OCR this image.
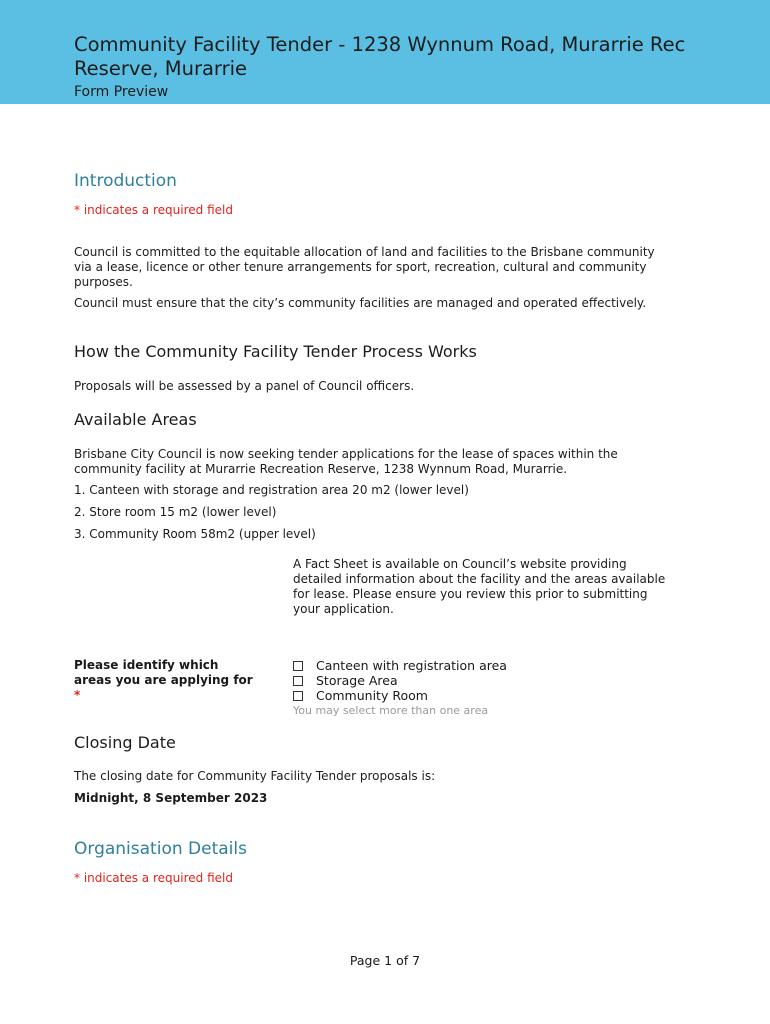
Community Facility Tender - 1238 Wynnum Road, Murarrie Rec Reserve, Murarrie
Form Preview
Introduction
* indicates a required field
Council is committed to the equitable allocation of land and facilities to the Brisbane community via a lease, licence or other tenure arrangements for sport, recreation, cultural and community purposes.
Council must ensure that the city’s community facilities are managed and operated effectively.
How the Community Facility Tender Process Works
Proposals will be assessed by a panel of Council officers.
Available Areas
Brisbane City Council is now seeking tender applications for the lease of spaces within the community facility at Murarrie Recreation Reserve, 1238 Wynnum Road, Murarrie.
1. Canteen with storage and registration area 20 m2 (lower level)
2. Store room 15 m2 (lower level)
3. Community Room 58m2 (upper level)
A Fact Sheet is available on Council’s website providing detailed information about the facility and the areas available for lease. Please ensure you review this prior to submitting your application.
Please identify which areas you are applying for *
Canteen with registration area
Storage Area
Community Room
You may select more than one area
Closing Date
The closing date for Community Facility Tender proposals is:
Midnight, 8 September 2023
Organisation Details
* indicates a required field
Page 1 of 7
